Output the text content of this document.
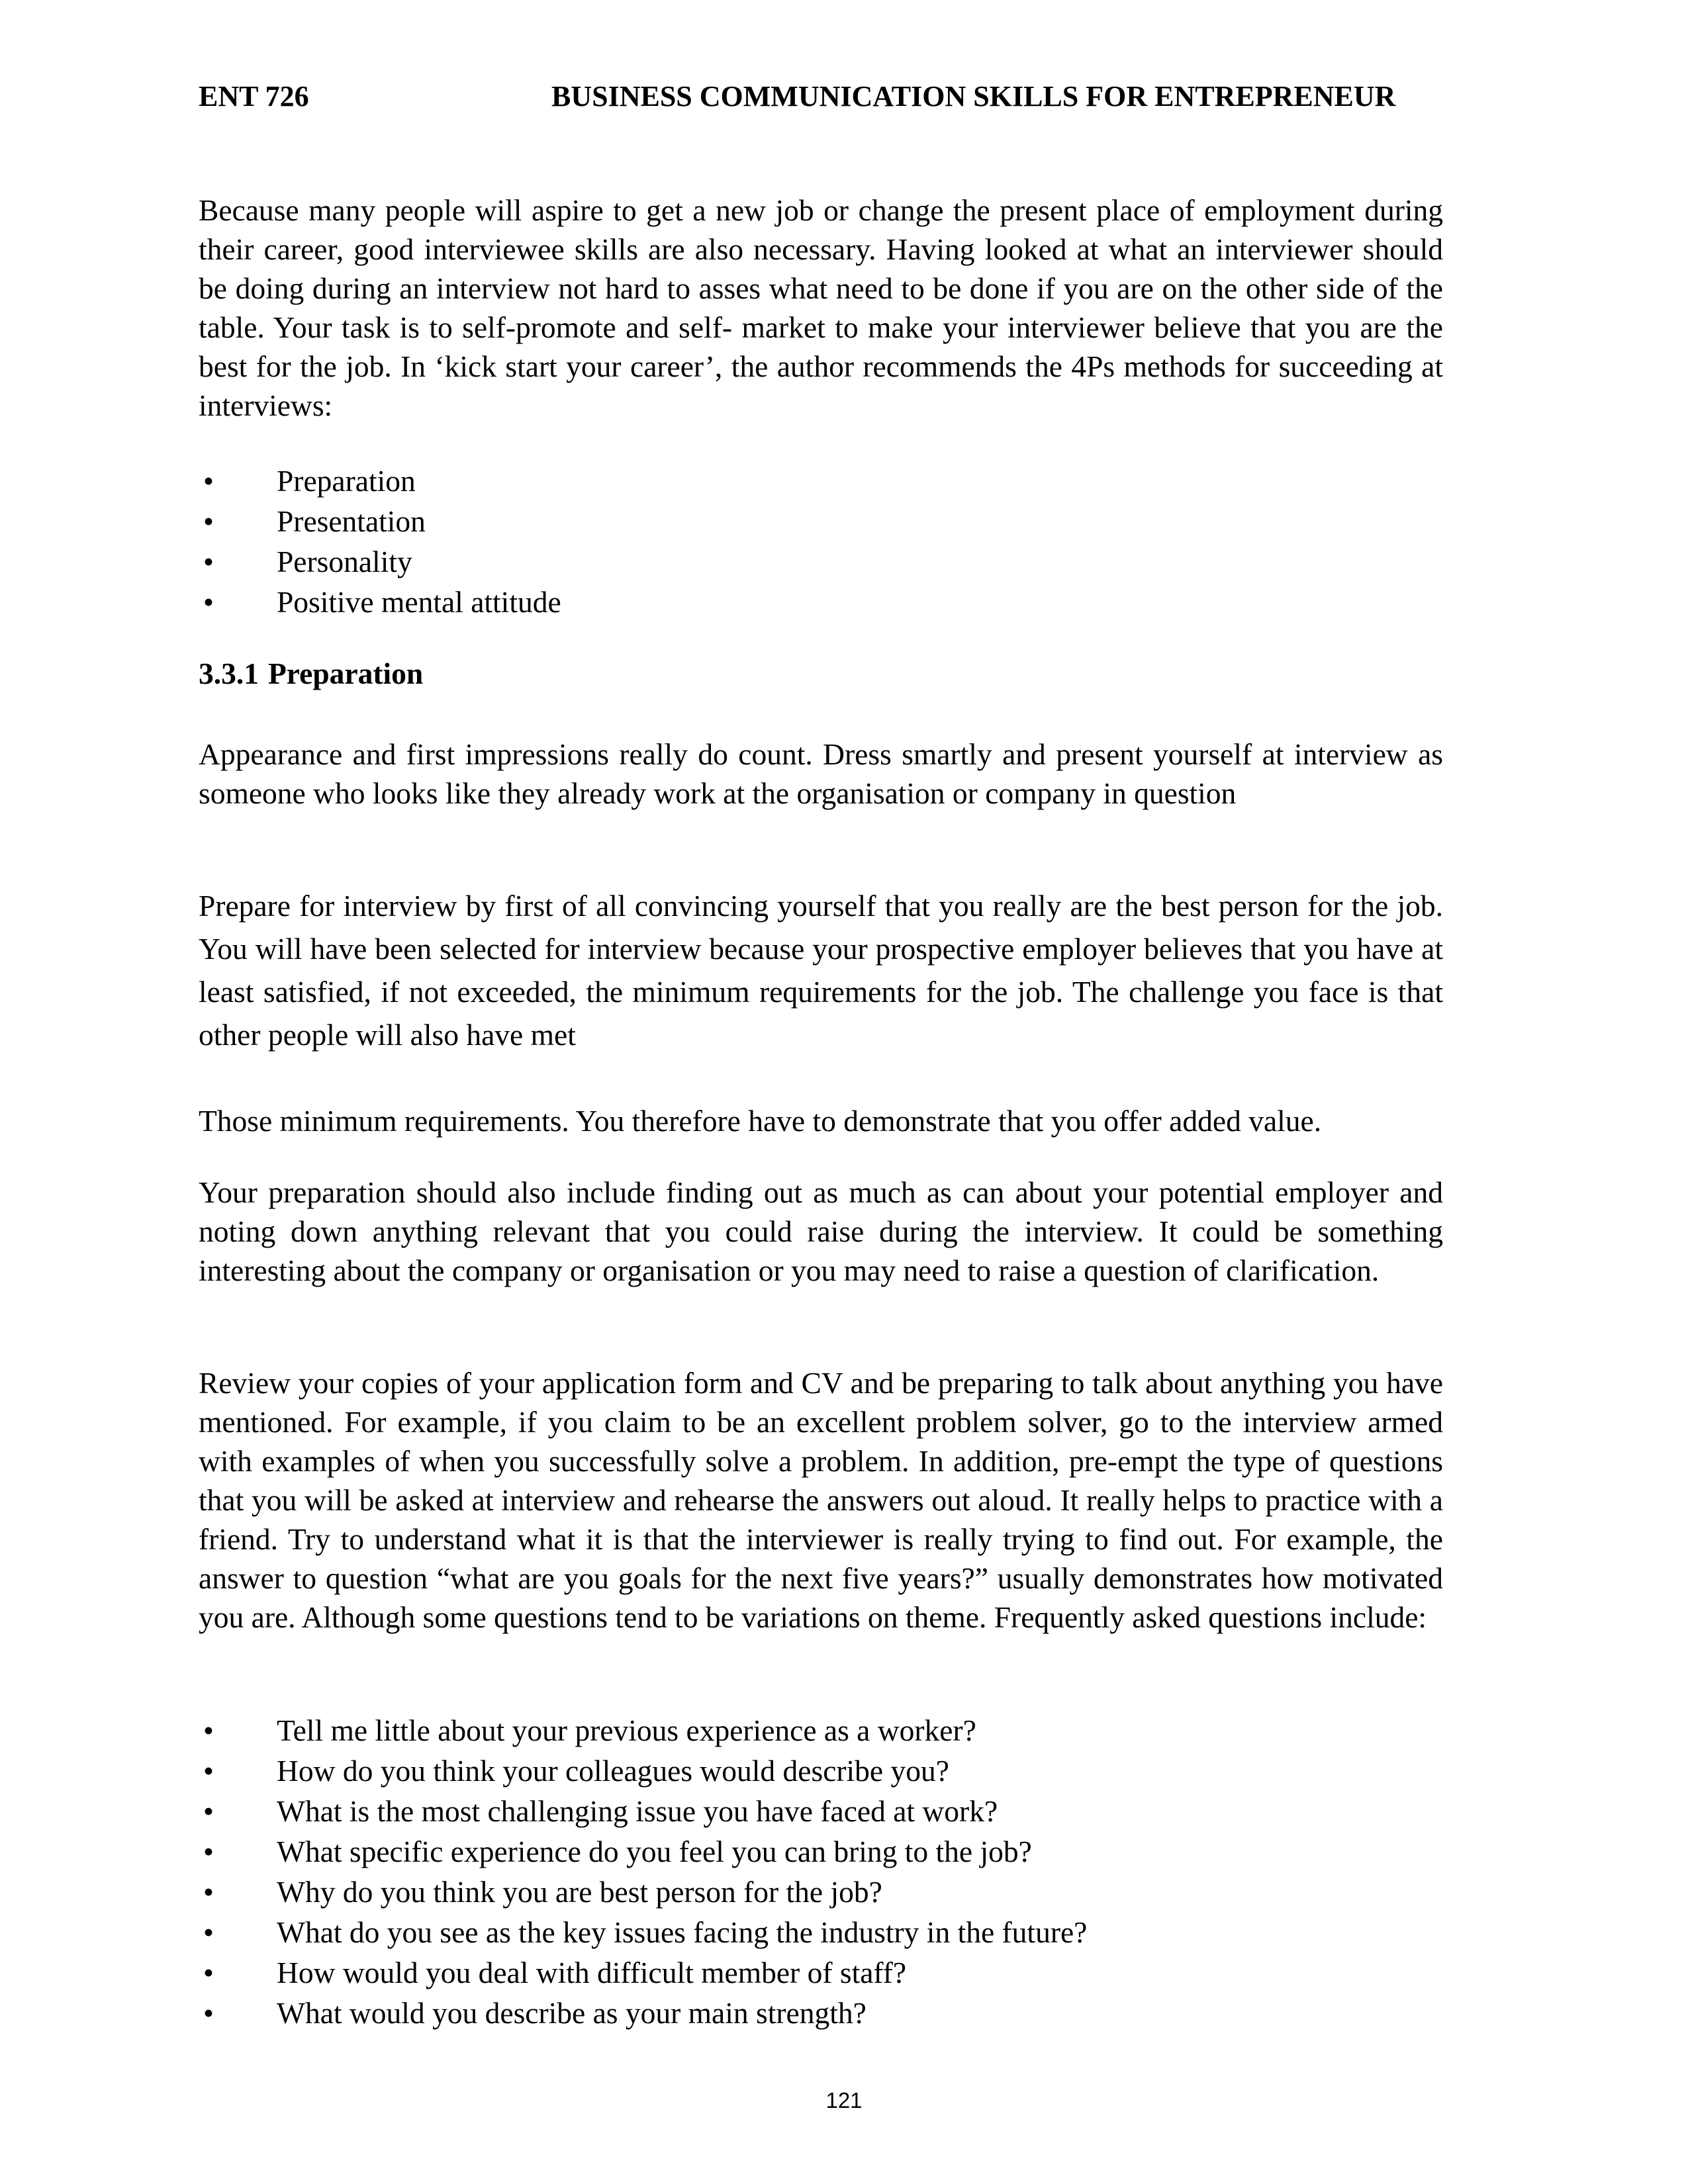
ENT 726	BUSINESS COMMUNICATION SKILLS FOR ENTREPRENEUR

Because many people will aspire to get a new job or change the present place of employment during their career, good interviewee skills are also necessary. Having looked at what an interviewer should be doing during an interview not hard to asses what need to be done if you are on the other side of the table. Your task is to self-promote and self- market to make your interviewer believe that you are the best for the job. In ‘kick start your career’, the author recommends the 4Ps methods for succeeding at interviews:

• Preparation
• Presentation
• Personality
• Positive mental attitude
3.3.1 Preparation

Appearance and first impressions really do count. Dress smartly and present yourself at interview as someone who looks like they already work at the organisation or company in question

Prepare for interview by first of all convincing yourself that you really are the best person for the job. You will have been selected for interview because your prospective employer believes that you have at least satisfied, if not exceeded, the minimum requirements for the job. The challenge you face is that other people will also have met

Those minimum requirements. You therefore have to demonstrate that you offer added value.

Your preparation should also include finding out as much as can about your potential employer and noting down anything relevant that you could raise during the interview. It could be something interesting about the company or organisation or you may need to raise a question of clarification.

Review your copies of your application form and CV and be preparing to talk about anything you have mentioned. For example, if you claim to be an excellent problem solver, go to the interview armed with examples of when you successfully solve a problem. In addition, pre-empt the type of questions that you will be asked at interview and rehearse the answers out aloud. It really helps to practice with a friend. Try to understand what it is that the interviewer is really trying to find out. For example, the answer to question “what are you goals for the next five years?” usually demonstrates how motivated you are. Although some questions tend to be variations on theme. Frequently asked questions include:

• Tell me little about your previous experience as a worker?
• How do you think your colleagues would describe you?
• What is the most challenging issue you have faced at work?
• What specific experience do you feel you can bring to the job?
• Why do you think you are best person for the job?
• What do you see as the key issues facing the industry in the future?
• How would you deal with difficult member of staff?
• What would you describe as your main strength?
121
